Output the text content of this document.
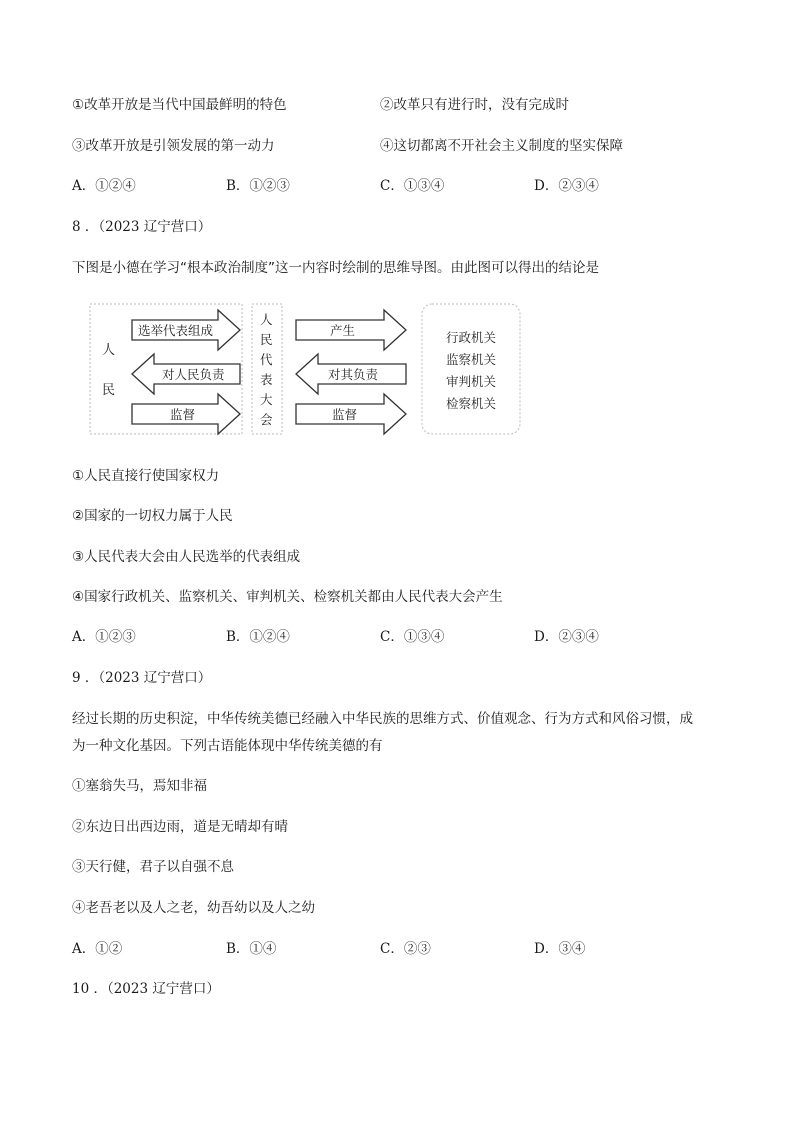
①改革开放是当代中国最鲜明的特色	②改革只有进行时，没有完成时
③改革开放是引领发展的第一动力	④这切都离不开社会主义制度的坚实保障
A．①②④	B．①②③	C．①③④	D．②③④
8 ．（2023 辽宁营口）
下图是小德在学习“根本政治制度”这一内容时绘制的思维导图。由此图可以得出的结论是
人
民
选举代表组成
对人民负责
监督
人
民
代
表
大
会
产生
对其负责
监督
行政机关
监察机关
审判机关
检察机关
①人民直接行使国家权力
②国家的一切权力属于人民
③人民代表大会由人民选举的代表组成
④国家行政机关、监察机关、审判机关、检察机关都由人民代表大会产生
A．①②③	B．①②④	C．①③④	D．②③④
9 ．（2023 辽宁营口）
经过长期的历史积淀，中华传统美德已经融入中华民族的思维方式、价值观念、行为方式和风俗习惯，成
为一种文化基因。下列古语能体现中华传统美德的有
①塞翁失马，焉知非福
②东边日出西边雨，道是无晴却有晴
③天行健，君子以自强不息
④老吾老以及人之老，幼吾幼以及人之幼
A．①②	B．①④	C．②③	D．③④
10 ．（2023 辽宁营口）
